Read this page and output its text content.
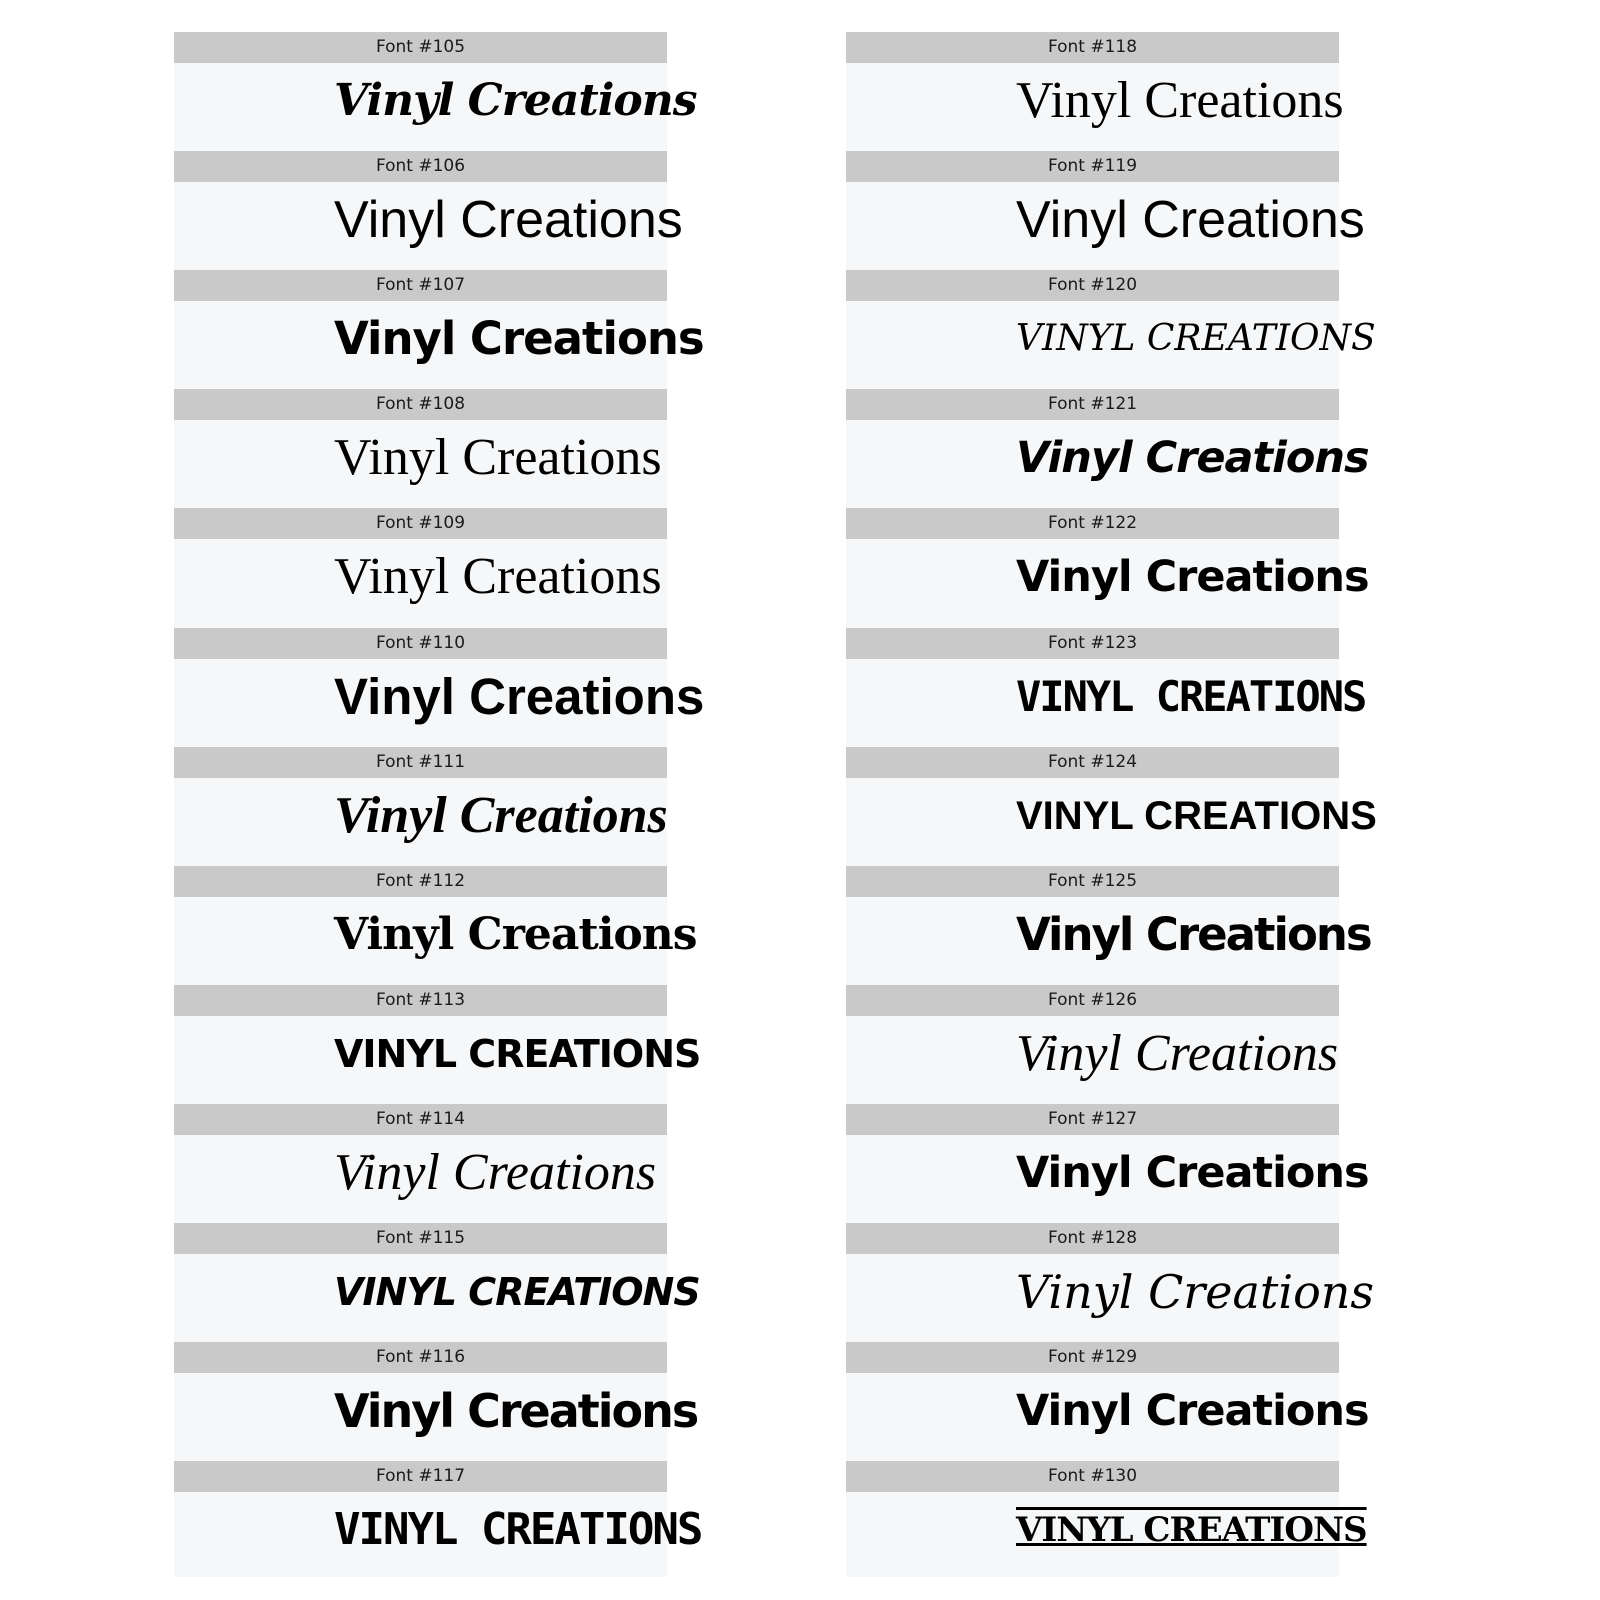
Font #105
Vinyl Creations
Font #106
Vinyl Creations
Font #107
Vinyl Creations
Font #108
Vinyl Creations
Font #109
Vinyl Creations
Font #110
Vinyl Creations
Font #111
Vinyl Creations
Font #112
Vinyl Creations
Font #113
VINYL CREATIONS
Font #114
Vinyl Creations
Font #115
VINYL CREATIONS
Font #116
Vinyl Creations
Font #117
VINYL CREATIONS
Font #118
Vinyl Creations
Font #119
Vinyl Creations
Font #120
VINYL CREATIONS
Font #121
Vinyl Creations
Font #122
Vinyl Creations
Font #123
VINYL CREATIONS
Font #124
VINYL CREATIONS
Font #125
Vinyl Creations
Font #126
Vinyl Creations
Font #127
Vinyl Creations
Font #128
Vinyl Creations
Font #129
Vinyl Creations
Font #130
VINYL CREATIONS
